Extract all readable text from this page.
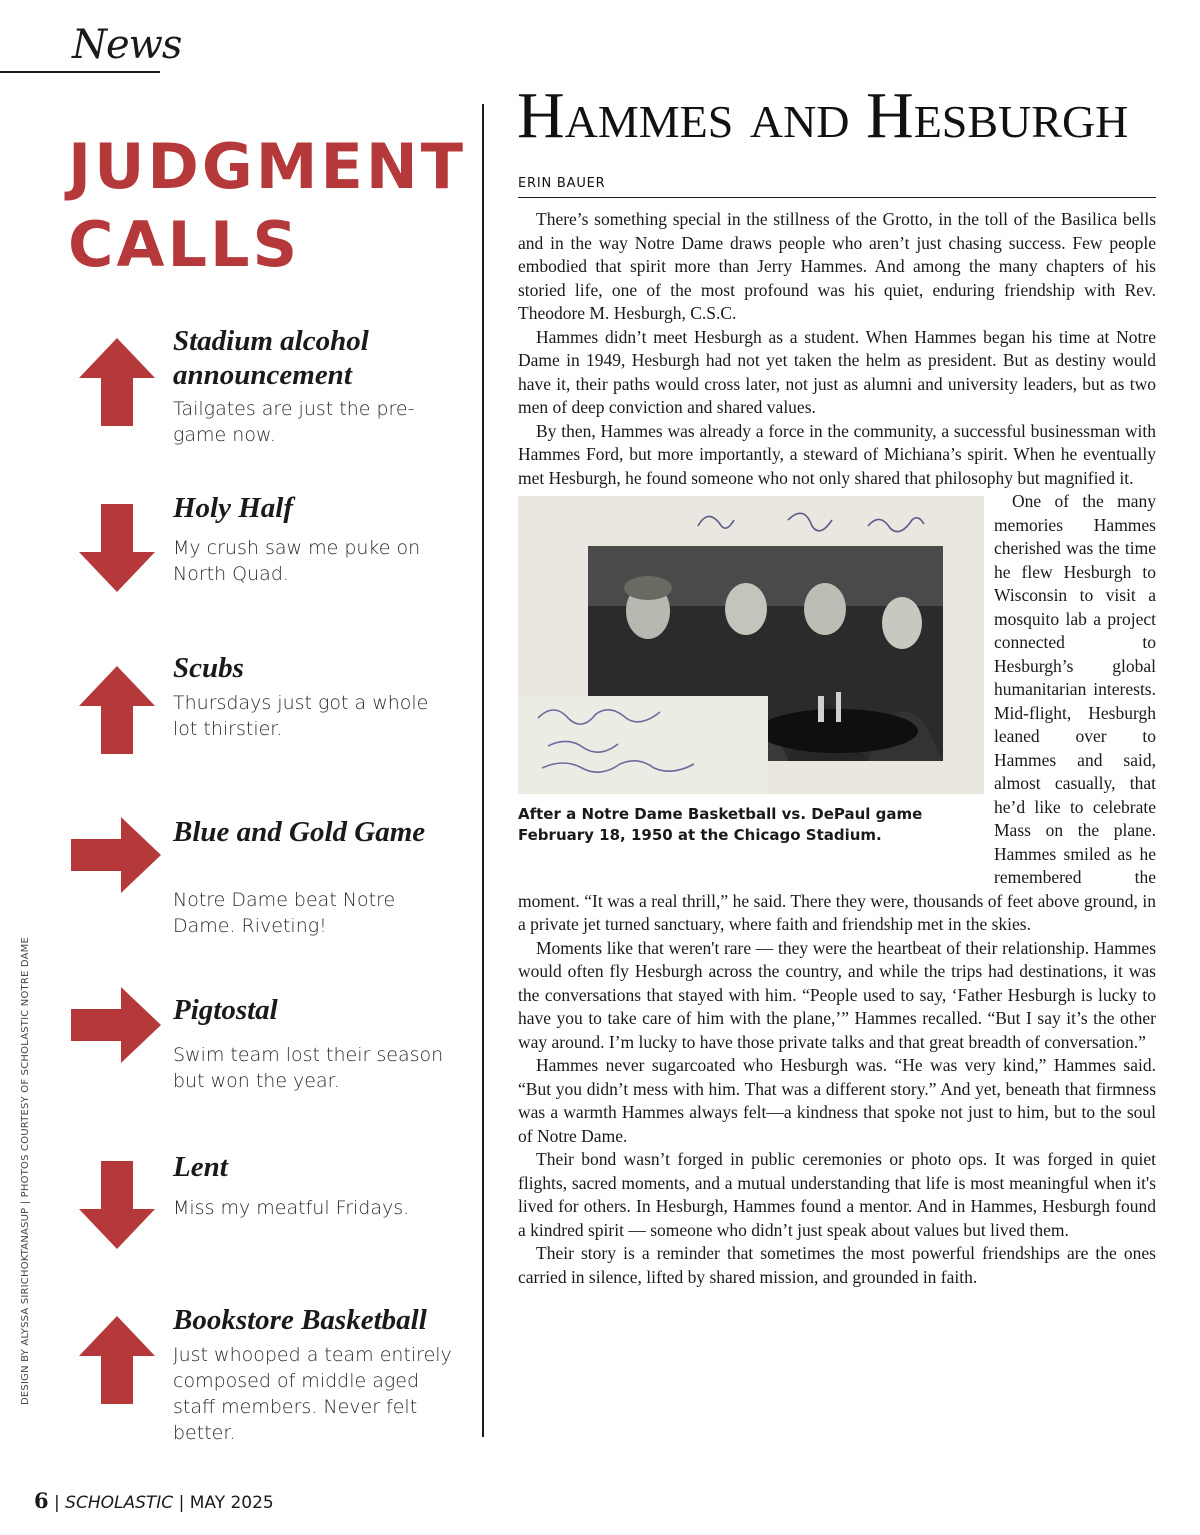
News
JUDGMENT
CALLS
Stadium alcohol announcement
Tailgates are just the pre-game now.
Holy Half
My crush saw me puke on North Quad.
Scubs
Thursdays just got a whole lot thirstier.
Blue and Gold Game
Notre Dame beat Notre Dame. Riveting!
Pigtostal
Swim team lost their season but won the year.
Lent
Miss my meatful Fridays.
Bookstore Basketball
Just whooped a team entirely composed of middle aged staff members. Never felt better.
DESIGN BY ALYSSA SIRICHOKTANASUP | PHOTOS COURTESY OF SCHOLASTIC NOTRE DAME
6 | SCHOLASTIC | MAY 2025
Hammes and Hesburgh
ERIN BAUER

There’s something special in the stillness of the Grotto, in the toll of the Basilica bells and in the way Notre Dame draws people who aren’t just chasing success. Few people embodied that spirit more than Jerry Hammes. And among the many chapters of his storied life, one of the most profound was his quiet, enduring friendship with Rev. Theodore M. Hesburgh, C.S.C.

Hammes didn’t meet Hesburgh as a student. When Hammes began his time at Notre Dame in 1949, Hesburgh had not yet taken the helm as president. But as destiny would have it, their paths would cross later, not just as alumni and university leaders, but as two men of deep conviction and shared values.

By then, Hammes was already a force in the community, a successful businessman with Hammes Ford, but more importantly, a steward of Michiana’s spirit. When he eventually met Hesburgh, he found someone who not only shared that philosophy but magnified it.

After a Notre Dame Basketball vs. DePaul game February 18, 1950 at the Chicago Stadium.

One of the many memories Hammes cherished was the time he flew Hesburgh to Wisconsin to visit a mosquito lab a project connected to Hesburgh’s global humanitarian interests. Mid-flight, Hesburgh leaned over to Hammes and said, almost casually, that he’d like to celebrate Mass on the plane. Hammes smiled as he remembered the moment. “It was a real thrill,” he said. There they were, thousands of feet above ground, in a private jet turned sanctuary, where faith and friendship met in the skies.

Moments like that weren't rare — they were the heartbeat of their relationship. Hammes would often fly Hesburgh across the country, and while the trips had destinations, it was the conversations that stayed with him. “People used to say, ‘Father Hesburgh is lucky to have you to take care of him with the plane,’” Hammes recalled. “But I say it’s the other way around. I’m lucky to have those private talks and that great breadth of conversation.”

Hammes never sugarcoated who Hesburgh was. “He was very kind,” Hammes said. “But you didn’t mess with him. That was a different story.” And yet, beneath that firmness was a warmth Hammes always felt—a kindness that spoke not just to him, but to the soul of Notre Dame.

Their bond wasn’t forged in public ceremonies or photo ops. It was forged in quiet flights, sacred moments, and a mutual understanding that life is most meaningful when it's lived for others. In Hesburgh, Hammes found a mentor. And in Hammes, Hesburgh found a kindred spirit — someone who didn’t just speak about values but lived them.

Their story is a reminder that sometimes the most powerful friendships are the ones carried in silence, lifted by shared mission, and grounded in faith.
